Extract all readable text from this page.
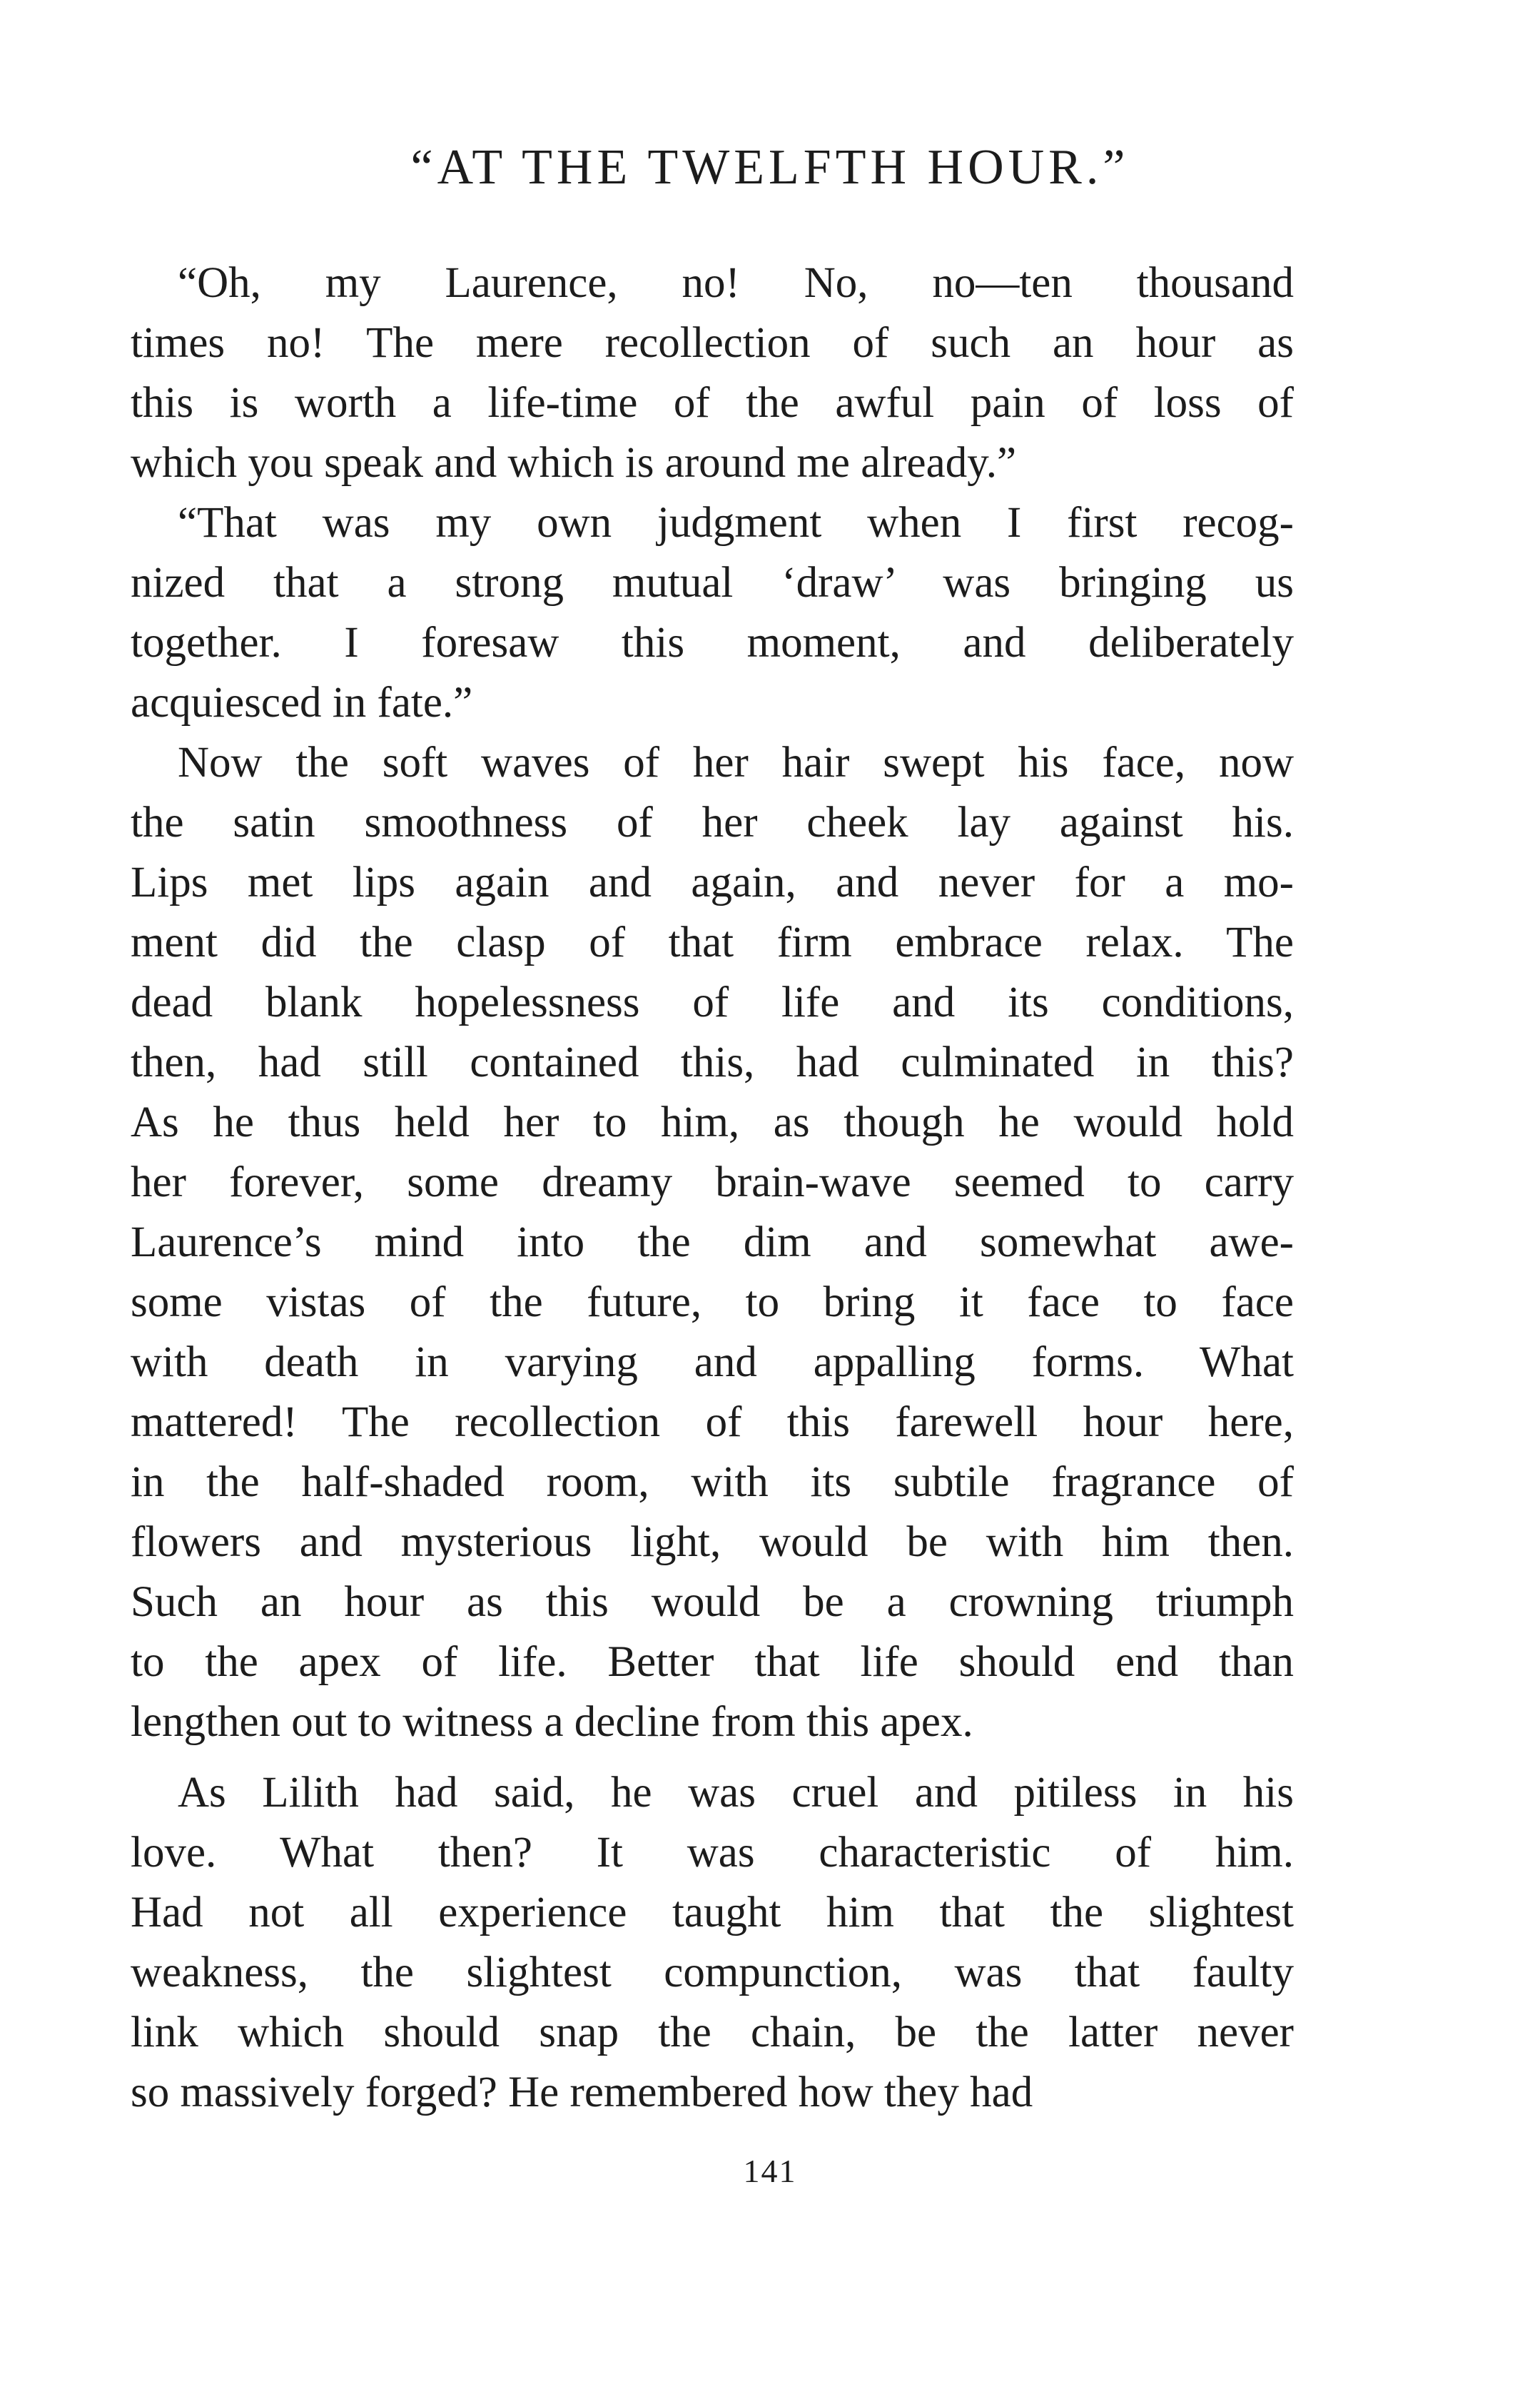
“AT THE TWELFTH HOUR.”

“Oh, my Laurence, no! No, no—ten thousand
times no! The mere recollection of such an hour as
this is worth a life-time of the awful pain of loss of
which you speak and which is around me already.”

“That was my own judgment when I first recog-
nized that a strong mutual ‘draw’ was bringing us
together. I foresaw this moment, and deliberately
acquiesced in fate.”

Now the soft waves of her hair swept his face, now
the satin smoothness of her cheek lay against his.
Lips met lips again and again, and never for a mo-
ment did the clasp of that firm embrace relax. The
dead blank hopelessness of life and its conditions,
then, had still contained this, had culminated in this?
As he thus held her to him, as though he would hold
her forever, some dreamy brain-wave seemed to carry
Laurence’s mind into the dim and somewhat awe-
some vistas of the future, to bring it face to face
with death in varying and appalling forms. What
mattered! The recollection of this farewell hour here,
in the half-shaded room, with its subtile fragrance of
flowers and mysterious light, would be with him then.
Such an hour as this would be a crowning triumph
to the apex of life. Better that life should end than
lengthen out to witness a decline from this apex.

As Lilith had said, he was cruel and pitiless in his
love. What then? It was characteristic of him.
Had not all experience taught him that the slightest
weakness, the slightest compunction, was that faulty
link which should snap the chain, be the latter never
so massively forged? He remembered how they had

141
